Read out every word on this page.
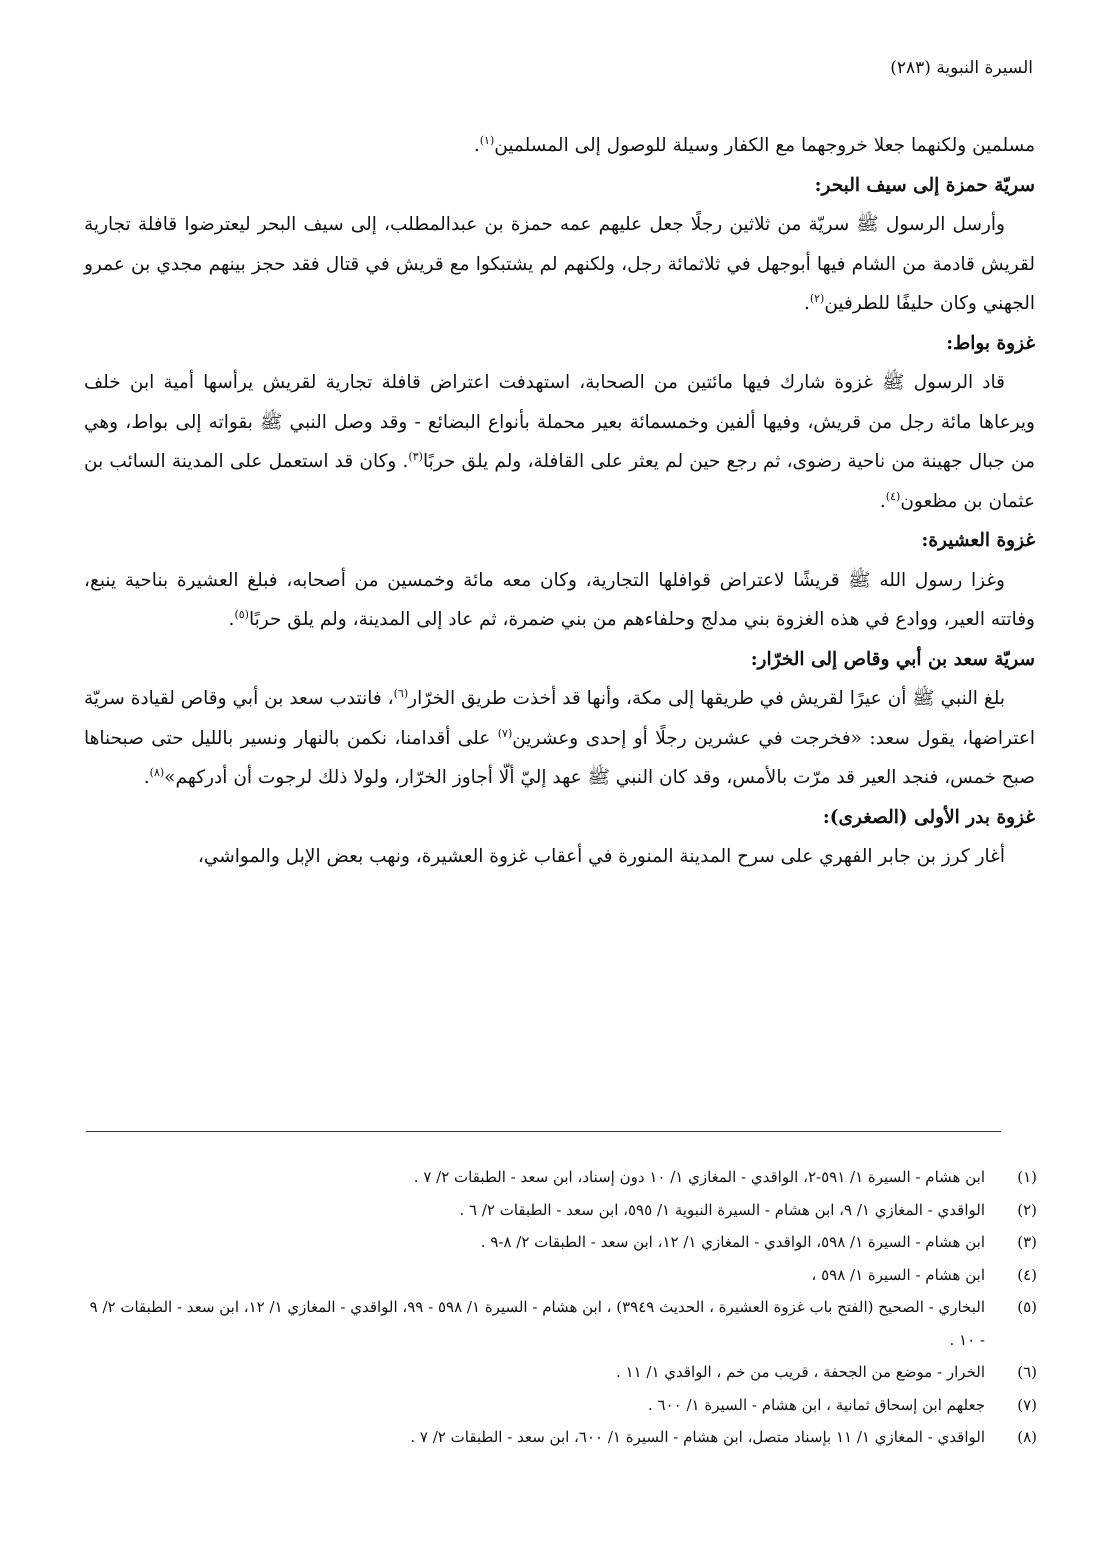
السيرة النبوية (٢٨٣)

مسلمين ولكنهما جعلا خروجهما مع الكفار وسيلة للوصول إلى المسلمين$^{(١)}$.

سريّة حمزة إلى سيف البحر:

وأرسل الرسول ﷺ سريّة من ثلاثين رجلًا جعل عليهم عمه حمزة بن عبدالمطلب، إلى سيف البحر ليعترضوا قافلة تجارية لقريش قادمة من الشام فيها أبوجهل في ثلاثمائة رجل، ولكنهم لم يشتبكوا مع قريش في قتال فقد حجز بينهم مجدي بن عمرو الجهني وكان حليفًا للطرفين$^{(٢)}$.

غزوة بواط:

قاد الرسول ﷺ غزوة شارك فيها مائتين من الصحابة، استهدفت اعتراض قافلة تجارية لقريش يرأسها أمية ابن خلف ويرعاها مائة رجل من قريش، وفيها ألفين وخمسمائة بعير محملة بأنواع البضائع - وقد وصل النبي ﷺ بقواته إلى بواط، وهي من جبال جهينة من ناحية رضوى، ثم رجع حين لم يعثر على القافلة، ولم يلق حربًا$^{(٣)}$. وكان قد استعمل على المدينة السائب بن عثمان بن مظعون$^{(٤)}$.

غزوة العشيرة:

وغزا رسول الله ﷺ قريشًا لاعتراض قوافلها التجارية، وكان معه مائة وخمسين من أصحابه، فبلغ العشيرة بناحية ينبع، وفاتته العير، ووادع في هذه الغزوة بني مدلج وحلفاءهم من بني ضمرة، ثم عاد إلى المدينة، ولم يلق حربًا$^{(٥)}$.

سريّة سعد بن أبي وقاص إلى الخرّار:

بلغ النبي ﷺ أن عيرًا لقريش في طريقها إلى مكة، وأنها قد أخذت طريق الخرّار$^{(٦)}$، فانتدب سعد بن أبي وقاص لقيادة سريّة اعتراضها، يقول سعد: «فخرجت في عشرين رجلًا أو إحدى وعشرين$^{(٧)}$ على أقدامنا، نكمن بالنهار ونسير بالليل حتى صبحناها صبح خمس، فنجد العير قد مرّت بالأمس، وقد كان النبي ﷺ عهد إليّ ألّا أجاوز الخرّار، ولولا ذلك لرجوت أن أدركهم»$^{(٨)}$.

غزوة بدر الأولى (الصغرى):

أغار كرز بن جابر الفهري على سرح المدينة المنورة في أعقاب غزوة العشيرة، ونهب بعض الإبل والمواشي،

(١)
ابن هشام - السيرة ١/ ٥٩١-٢، الواقدي - المغازي ١/ ١٠ دون إسناد، ابن سعد - الطبقات ٢/ ٧ .
(٢)
الواقدي - المغازي ١/ ٩، ابن هشام - السيرة النبوية ١/ ٥٩٥، ابن سعد - الطبقات ٢/ ٦ .
(٣)
ابن هشام - السيرة ١/ ٥٩٨، الواقدي - المغازي ١/ ١٢، ابن سعد - الطبقات ٢/ ٨-٩ .
(٤)
ابن هشام - السيرة ١/ ٥٩٨ ،
(٥)
البخاري - الصحيح (الفتح باب غزوة العشيرة ، الحديث ٣٩٤٩) ، ابن هشام - السيرة ١/ ٥٩٨ - ٩٩، الواقدي - المغازي ١/ ١٢، ابن سعد - الطبقات ٢/ ٩ - ١٠ .
(٦)
الخرار - موضع من الجحفة ، قريب من خم ، الواقدي ١/ ١١ .
(٧)
جعلهم ابن إسحاق ثمانية ، ابن هشام - السيرة ١/ ٦٠٠ .
(٨)
الواقدي - المغازي ١/ ١١ بإسناد متصل، ابن هشام - السيرة ١/ ٦٠٠، ابن سعد - الطبقات ٢/ ٧ .
